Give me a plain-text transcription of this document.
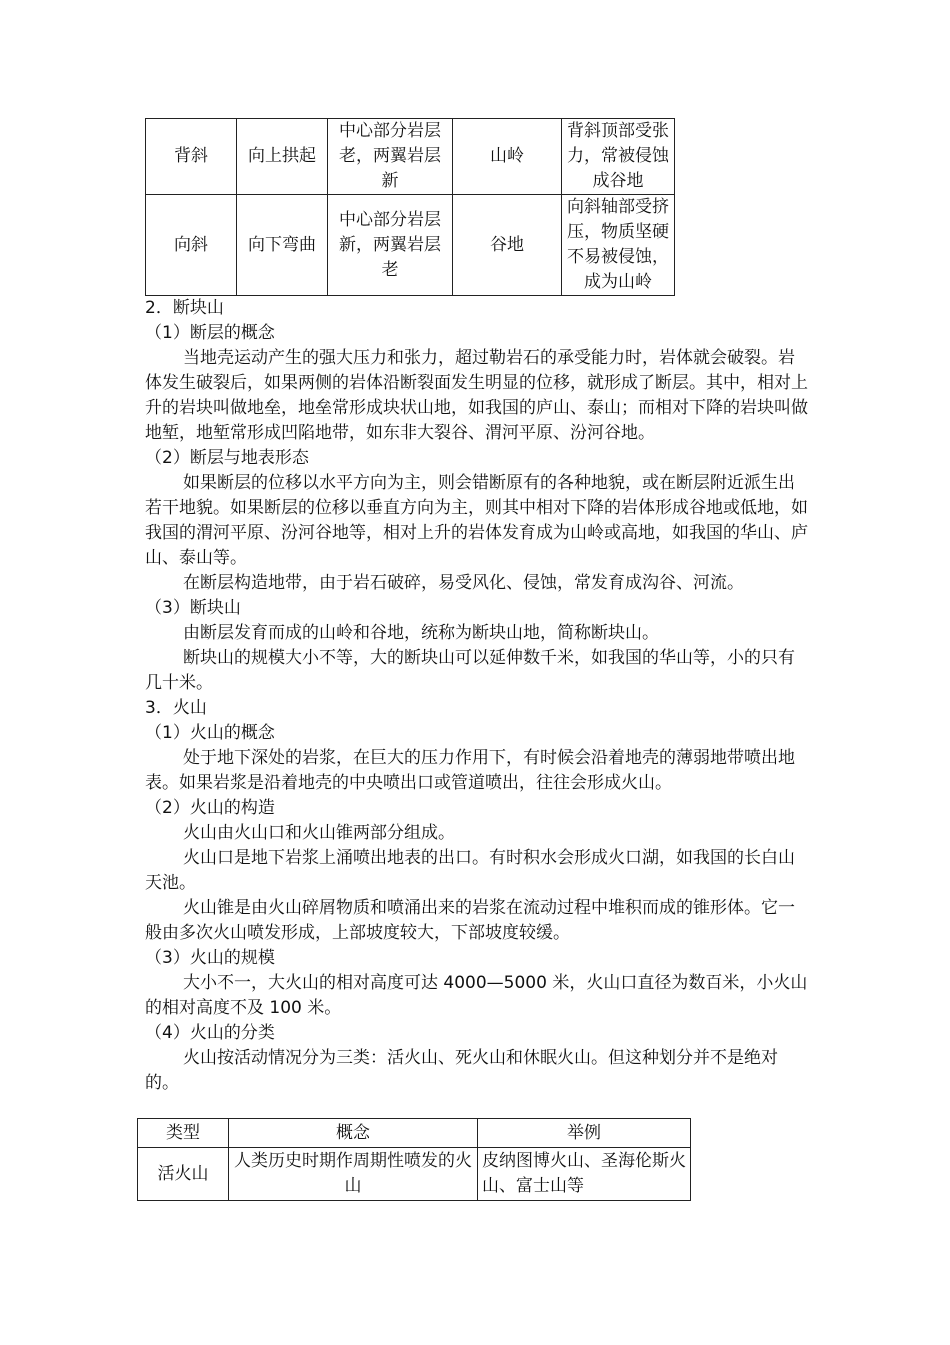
背斜	向上拱起	中心部分岩层老，两翼岩层新	山岭	背斜顶部受张力，常被侵蚀成谷地
向斜	向下弯曲	中心部分岩层新，两翼岩层老	谷地	向斜轴部受挤压，物质坚硬不易被侵蚀，成为山岭

2．断块山

（1）断层的概念

当地壳运动产生的强大压力和张力，超过勒岩石的承受能力时，岩体就会破裂。岩体发生破裂后，如果两侧的岩体沿断裂面发生明显的位移，就形成了断层。其中，相对上升的岩块叫做地垒，地垒常形成块状山地，如我国的庐山、泰山；而相对下降的岩块叫做地堑，地堑常形成凹陷地带，如东非大裂谷、渭河平原、汾河谷地。

（2）断层与地表形态

如果断层的位移以水平方向为主，则会错断原有的各种地貌，或在断层附近派生出若干地貌。如果断层的位移以垂直方向为主，则其中相对下降的岩体形成谷地或低地，如我国的渭河平原、汾河谷地等，相对上升的岩体发育成为山岭或高地，如我国的华山、庐山、泰山等。

在断层构造地带，由于岩石破碎，易受风化、侵蚀，常发育成沟谷、河流。

（3）断块山

由断层发育而成的山岭和谷地，统称为断块山地，简称断块山。

断块山的规模大小不等，大的断块山可以延伸数千米，如我国的华山等，小的只有几十米。

3．火山

（1）火山的概念

处于地下深处的岩浆，在巨大的压力作用下，有时候会沿着地壳的薄弱地带喷出地表。如果岩浆是沿着地壳的中央喷出口或管道喷出，往往会形成火山。

（2）火山的构造

火山由火山口和火山锥两部分组成。

火山口是地下岩浆上涌喷出地表的出口。有时积水会形成火口湖，如我国的长白山天池。

火山锥是由火山碎屑物质和喷涌出来的岩浆在流动过程中堆积而成的锥形体。它一般由多次火山喷发形成，上部坡度较大，下部坡度较缓。

（3）火山的规模

大小不一，大火山的相对高度可达 4000—5000 米，火山口直径为数百米，小火山的相对高度不及 100 米。

（4）火山的分类

火山按活动情况分为三类：活火山、死火山和休眠火山。但这种划分并不是绝对的。

类型	概念	举例
活火山	人类历史时期作周期性喷发的火山	皮纳图博火山、圣海伦斯火山、富士山等
